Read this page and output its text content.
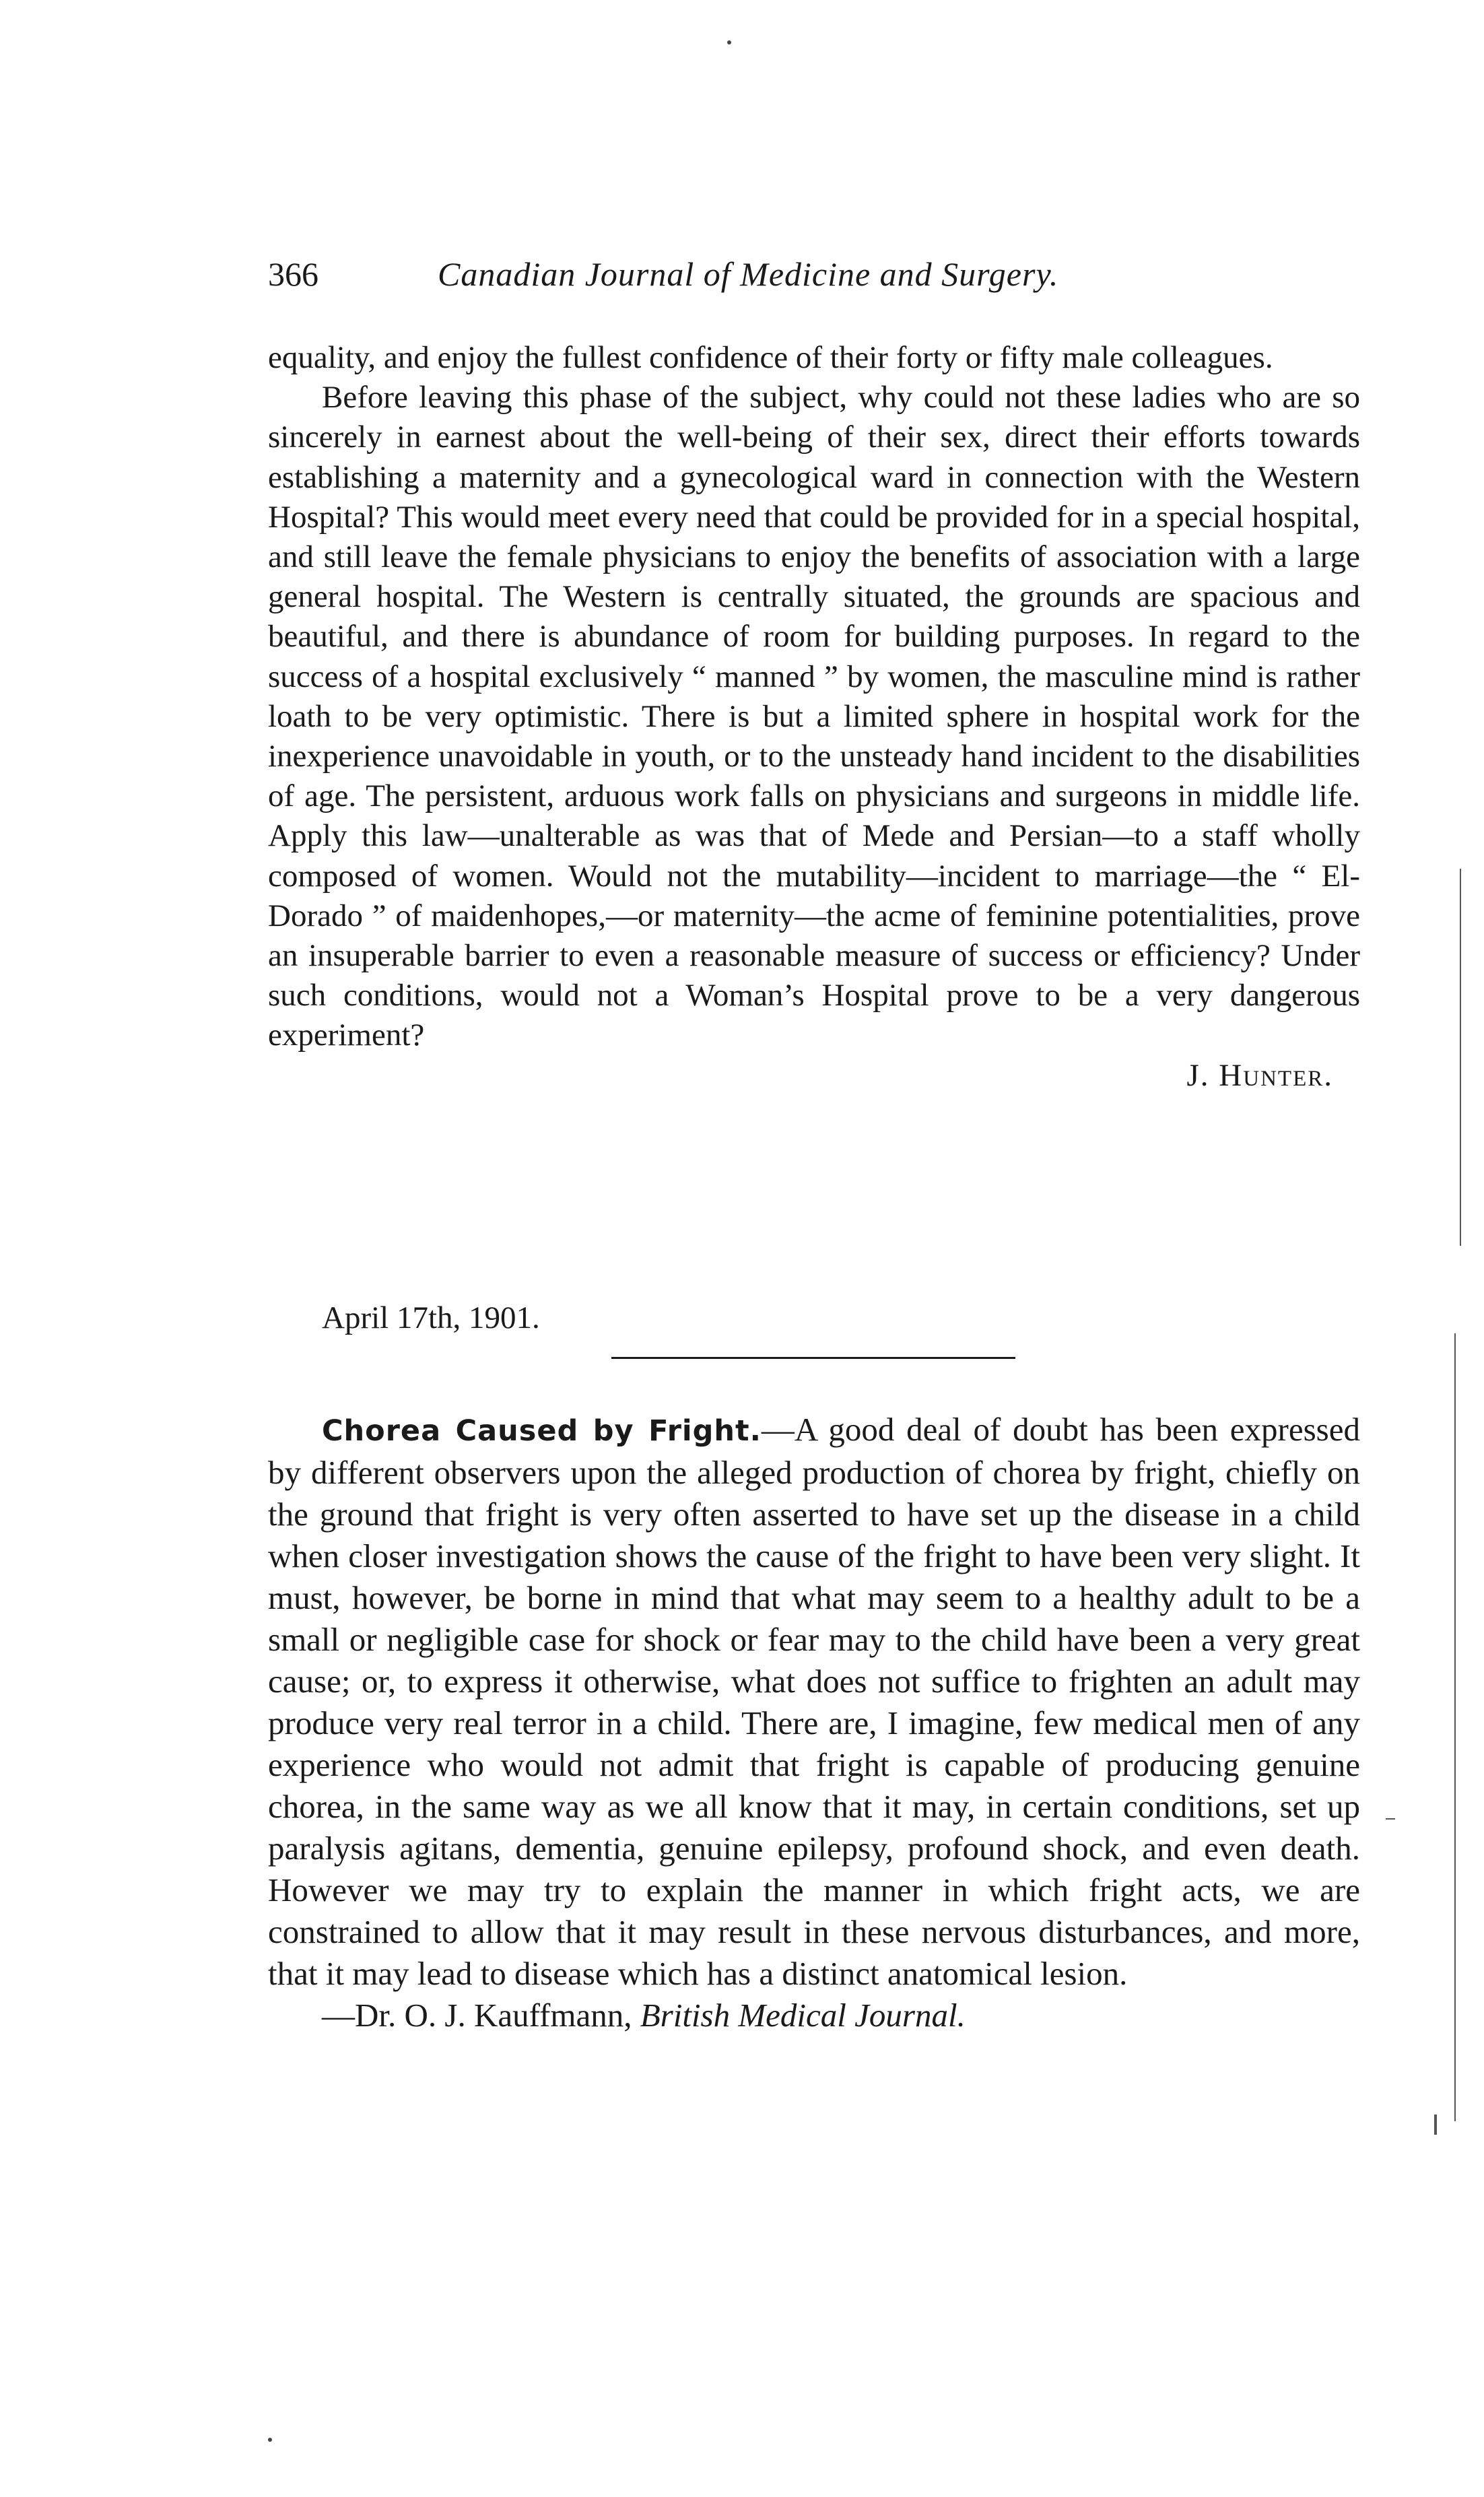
366	Canadian Journal of Medicine and Surgery.

equality, and enjoy the fullest confidence of their forty or fifty male colleagues.

Before leaving this phase of the subject, why could not these ladies who are so sincerely in earnest about the well-being of their sex, direct their efforts towards establishing a maternity and a gynecological ward in connection with the Western Hospital? This would meet every need that could be provided for in a special hospital, and still leave the female physicians to enjoy the benefits of association with a large general hospital. The Western is centrally situated, the grounds are spacious and beautiful, and there is abundance of room for building purposes. In regard to the success of a hospital exclusively “ manned ” by women, the masculine mind is rather loath to be very optimistic. There is but a limited sphere in hospital work for the inexperience unavoidable in youth, or to the unsteady hand incident to the disabilities of age. The persistent, arduous work falls on physicians and surgeons in middle life. Apply this law—unalterable as was that of Mede and Persian—to a staff wholly composed of women. Would not the mutability—incident to marriage—the “ El-Dorado ” of maidenhopes,—or maternity—the acme of feminine potentialities, prove an insuperable barrier to even a reasonable measure of success or efficiency? Under such conditions, would not a Woman’s Hospital prove to be a very dangerous experiment?

J. Hunter.

April 17th, 1901.

Chorea Caused by Fright.—A good deal of doubt has been expressed by different observers upon the alleged production of chorea by fright, chiefly on the ground that fright is very often asserted to have set up the disease in a child when closer investigation shows the cause of the fright to have been very slight. It must, however, be borne in mind that what may seem to a healthy adult to be a small or negligible case for shock or fear may to the child have been a very great cause; or, to express it otherwise, what does not suffice to frighten an adult may produce very real terror in a child. There are, I imagine, few medical men of any experience who would not admit that fright is capable of producing genuine chorea, in the same way as we all know that it may, in certain conditions, set up paralysis agitans, dementia, genuine epilepsy, profound shock, and even death. However we may try to explain the manner in which fright acts, we are constrained to allow that it may result in these nervous disturbances, and more, that it may lead to disease which has a distinct anatomical lesion.

—Dr. O. J. Kauffmann, British Medical Journal.
